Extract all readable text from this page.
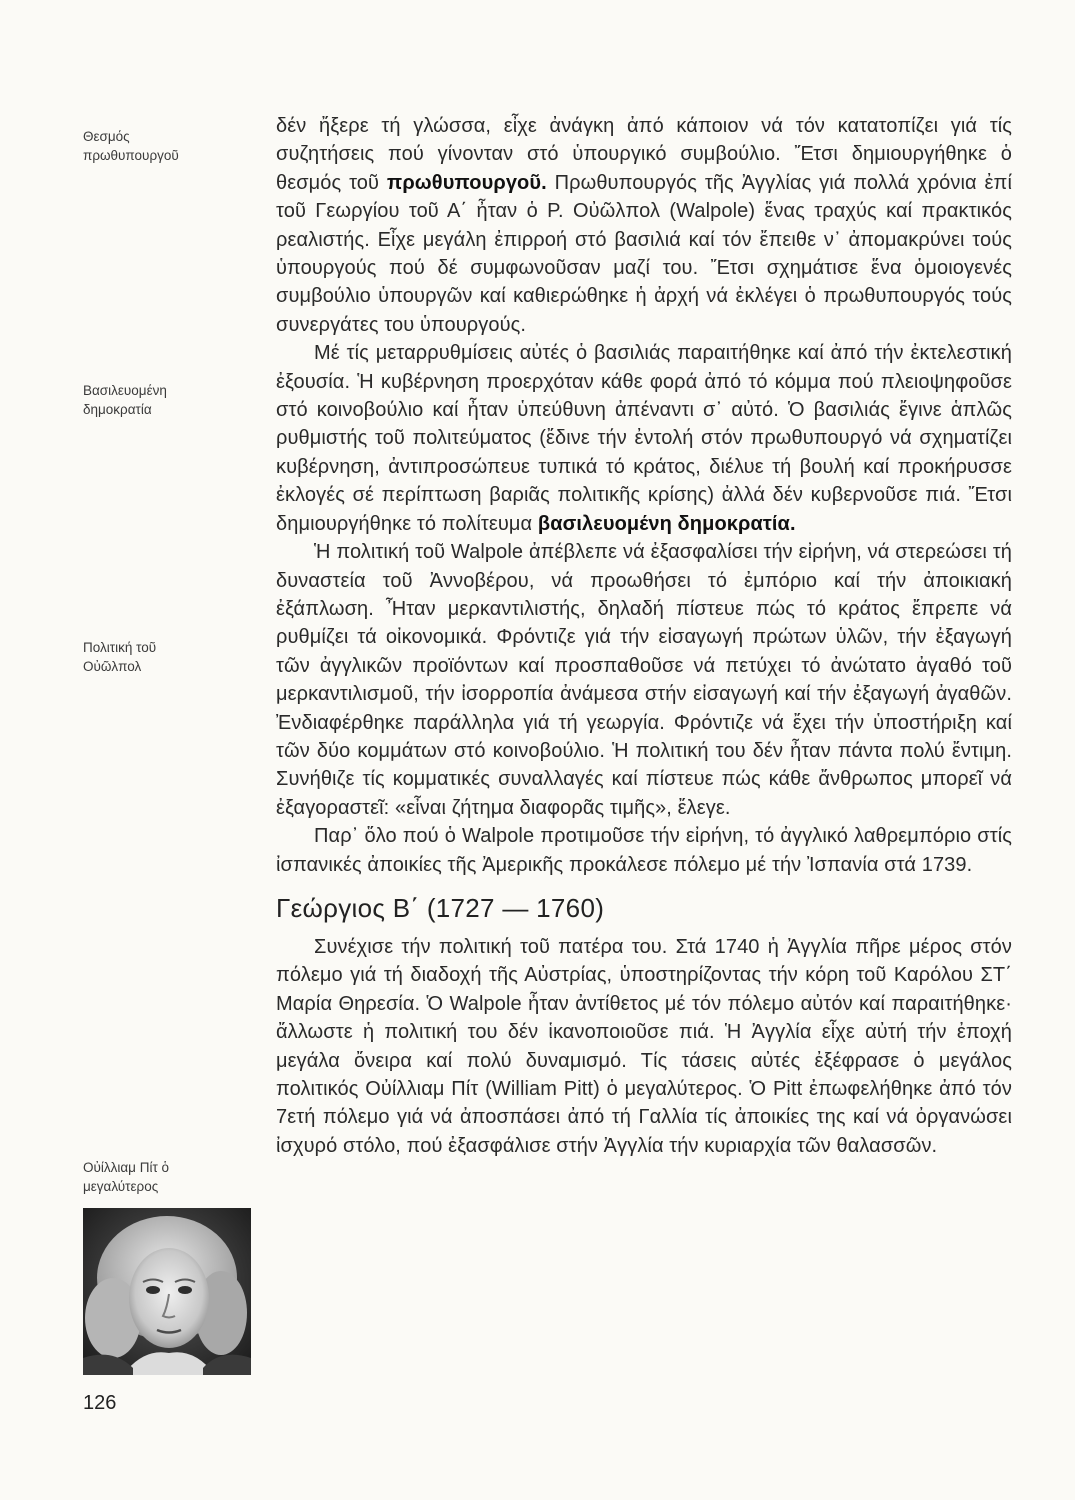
Θεσμός
πρωθυπουργοῦ
Βασιλευομένη
δημοκρατία
Πολιτική τοῦ
Οὐῶλπολ
Οὐίλλιαμ Πίτ ὁ
μεγαλύτερος
126

δέν ἤξερε τή γλώσσα, εἶχε ἀνάγκη ἀπό κάποιον νά τόν κατατοπίζει γιά τίς συζητήσεις πού γίνονταν στό ὑπουργικό συμβούλιο. Ἔτσι δημιουργήθηκε ὁ θεσμός τοῦ πρωθυπουργοῦ. Πρωθυπουργός τῆς Ἀγγλίας γιά πολλά χρόνια ἐπί τοῦ Γεωργίου τοῦ Α΄ ἦταν ὁ Ρ. Οὐῶλπολ (Walpole) ἕνας τραχύς καί πρακτικός ρεαλιστής. Εἶχε μεγάλη ἐπιρροή στό βασιλιά καί τόν ἔπειθε ν᾿ ἀπομακρύνει τούς ὑπουργούς πού δέ συμφωνοῦσαν μαζί του. Ἔτσι σχημάτισε ἕνα ὁμοιογενές συμβούλιο ὑπουργῶν καί καθιερώθηκε ἡ ἀρχή νά ἐκλέγει ὁ πρωθυπουργός τούς συνεργάτες του ὑπουργούς.

Μέ τίς μεταρρυθμίσεις αὐτές ὁ βασιλιάς παραιτήθηκε καί ἀπό τήν ἐκτελεστική ἐξουσία. Ἡ κυβέρνηση προερχόταν κάθε φορά ἀπό τό κόμμα πού πλειοψηφοῦσε στό κοινοβούλιο καί ἦταν ὑπεύθυνη ἀπέναντι σ᾿ αὐτό. Ὁ βασιλιάς ἔγινε ἁπλῶς ρυθμιστής τοῦ πολιτεύματος (ἔδινε τήν ἐντολή στόν πρωθυπουργό νά σχηματίζει κυβέρνηση, ἀντιπροσώπευε τυπικά τό κράτος, διέλυε τή βουλή καί προκήρυσσε ἐκλογές σέ περίπτωση βαριᾶς πολιτικῆς κρίσης) ἀλλά δέν κυβερνοῦσε πιά. Ἔτσι δημιουργήθηκε τό πολίτευμα βασιλευομένη δημοκρατία.

Ἡ πολιτική τοῦ Walpole ἀπέβλεπε νά ἐξασφαλίσει τήν εἰρήνη, νά στερεώσει τή δυναστεία τοῦ Ἀννοβέρου, νά προωθήσει τό ἐμπόριο καί τήν ἀποικιακή ἐξάπλωση. Ἦταν μερκαντιλιστής, δηλαδή πίστευε πώς τό κράτος ἔπρεπε νά ρυθμίζει τά οἰκονομικά. Φρόντιζε γιά τήν εἰσαγωγή πρώτων ὑλῶν, τήν ἐξαγωγή τῶν ἀγγλικῶν προϊόντων καί προσπαθοῦσε νά πετύχει τό ἀνώτατο ἀγαθό τοῦ μερκαντιλισμοῦ, τήν ἰσορροπία ἀνάμεσα στήν εἰσαγωγή καί τήν ἐξαγωγή ἀγαθῶν. Ἐνδιαφέρθηκε παράλληλα γιά τή γεωργία. Φρόντιζε νά ἔχει τήν ὑποστήριξη καί τῶν δύο κομμάτων στό κοινοβούλιο. Ἡ πολιτική του δέν ἦταν πάντα πολύ ἔντιμη. Συνήθιζε τίς κομματικές συναλλαγές καί πίστευε πώς κάθε ἄνθρωπος μπορεῖ νά ἐξαγοραστεῖ: «εἶναι ζήτημα διαφορᾶς τιμῆς», ἔλεγε.

Παρ᾿ ὅλο πού ὁ Walpole προτιμοῦσε τήν εἰρήνη, τό ἀγγλικό λαθρεμπόριο στίς ἰσπανικές ἀποικίες τῆς Ἀμερικῆς προκάλεσε πόλεμο μέ τήν Ἰσπανία στά 1739.

Γεώργιος Β΄ (1727 — 1760)

Συνέχισε τήν πολιτική τοῦ πατέρα του. Στά 1740 ἡ Ἀγγλία πῆρε μέρος στόν πόλεμο γιά τή διαδοχή τῆς Αὐστρίας, ὑποστηρίζοντας τήν κόρη τοῦ Καρόλου ΣΤ΄ Μαρία Θηρεσία. Ὁ Walpole ἦταν ἀντίθετος μέ τόν πόλεμο αὐτόν καί παραιτήθηκε· ἄλλωστε ἡ πολιτική του δέν ἱκανοποιοῦσε πιά. Ἡ Ἀγγλία εἶχε αὐτή τήν ἐποχή μεγάλα ὄνειρα καί πολύ δυναμισμό. Τίς τάσεις αὐτές ἐξέφρασε ὁ μεγάλος πολιτικός Οὐίλλιαμ Πίτ (William Pitt) ὁ μεγαλύτερος. Ὁ Pitt ἐπωφελήθηκε ἀπό τόν 7ετή πόλεμο γιά νά ἀποσπάσει ἀπό τή Γαλλία τίς ἀποικίες της καί νά ὀργανώσει ἰσχυρό στόλο, πού ἐξασφάλισε στήν Ἀγγλία τήν κυριαρχία τῶν θαλασσῶν.
